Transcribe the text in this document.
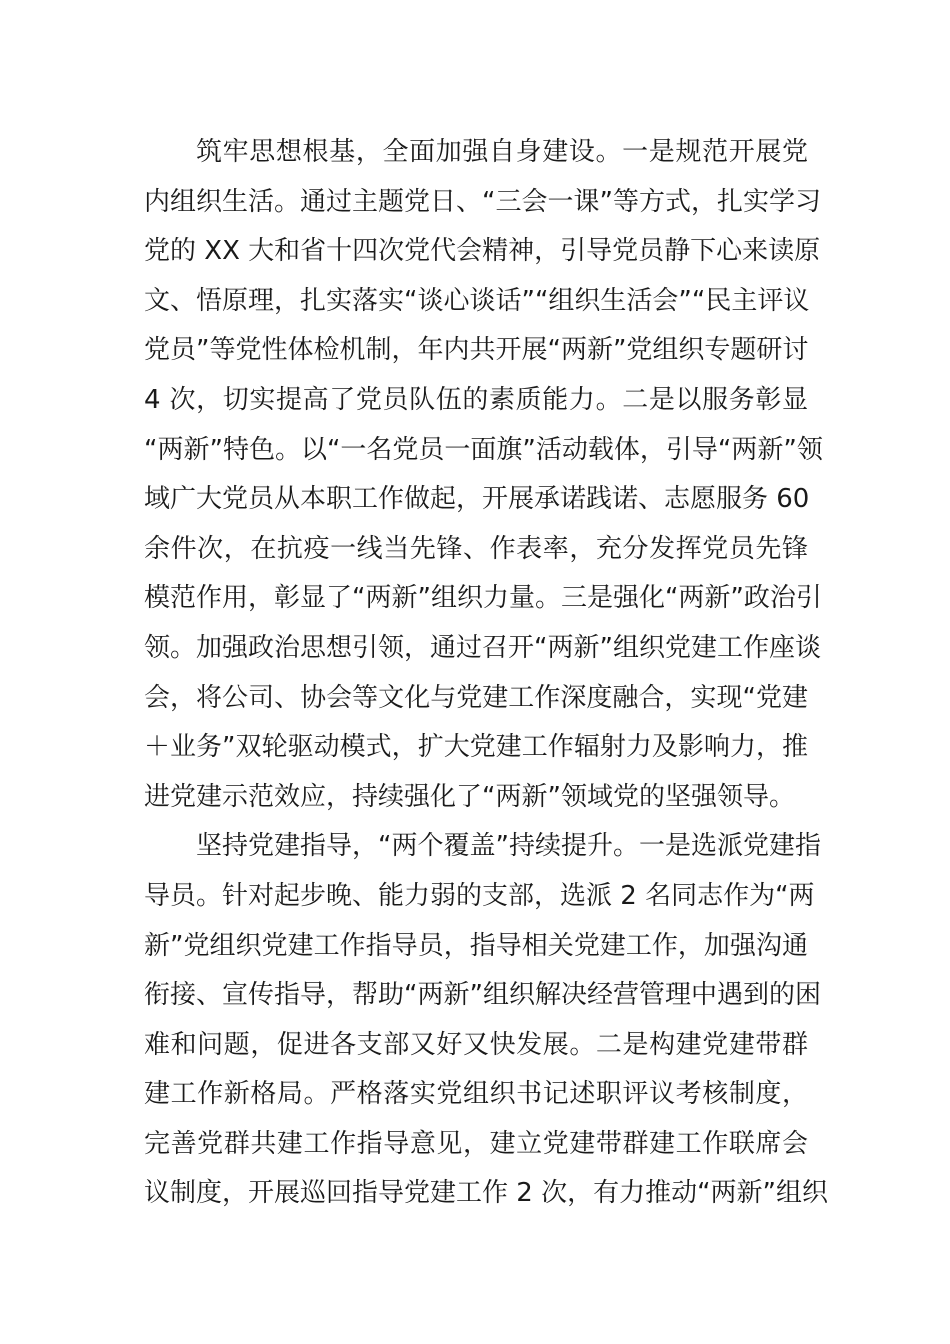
筑牢思想根基，全面加强自身建设。一是规范开展党
内组织生活。通过主题党日、“三会一课”等方式，扎实学习
党的 XX 大和省十四次党代会精神，引导党员静下心来读原
文、悟原理，扎实落实“谈心谈话”“组织生活会”“民主评议
党员”等党性体检机制，年内共开展“两新”党组织专题研讨
4 次，切实提高了党员队伍的素质能力。二是以服务彰显
“两新”特色。以“一名党员一面旗”活动载体，引导“两新”领
域广大党员从本职工作做起，开展承诺践诺、志愿服务 60
余件次，在抗疫一线当先锋、作表率，充分发挥党员先锋
模范作用，彰显了“两新”组织力量。三是强化“两新”政治引
领。加强政治思想引领，通过召开“两新”组织党建工作座谈
会，将公司、协会等文化与党建工作深度融合，实现“党建
＋业务”双轮驱动模式，扩大党建工作辐射力及影响力，推
进党建示范效应，持续强化了“两新”领域党的坚强领导。
坚持党建指导，“两个覆盖”持续提升。一是选派党建指
导员。针对起步晚、能力弱的支部，选派 2 名同志作为“两
新”党组织党建工作指导员，指导相关党建工作，加强沟通
衔接、宣传指导，帮助“两新”组织解决经营管理中遇到的困
难和问题，促进各支部又好又快发展。二是构建党建带群
建工作新格局。严格落实党组织书记述职评议考核制度，
完善党群共建工作指导意见，建立党建带群建工作联席会
议制度，开展巡回指导党建工作 2 次，有力推动“两新”组织
